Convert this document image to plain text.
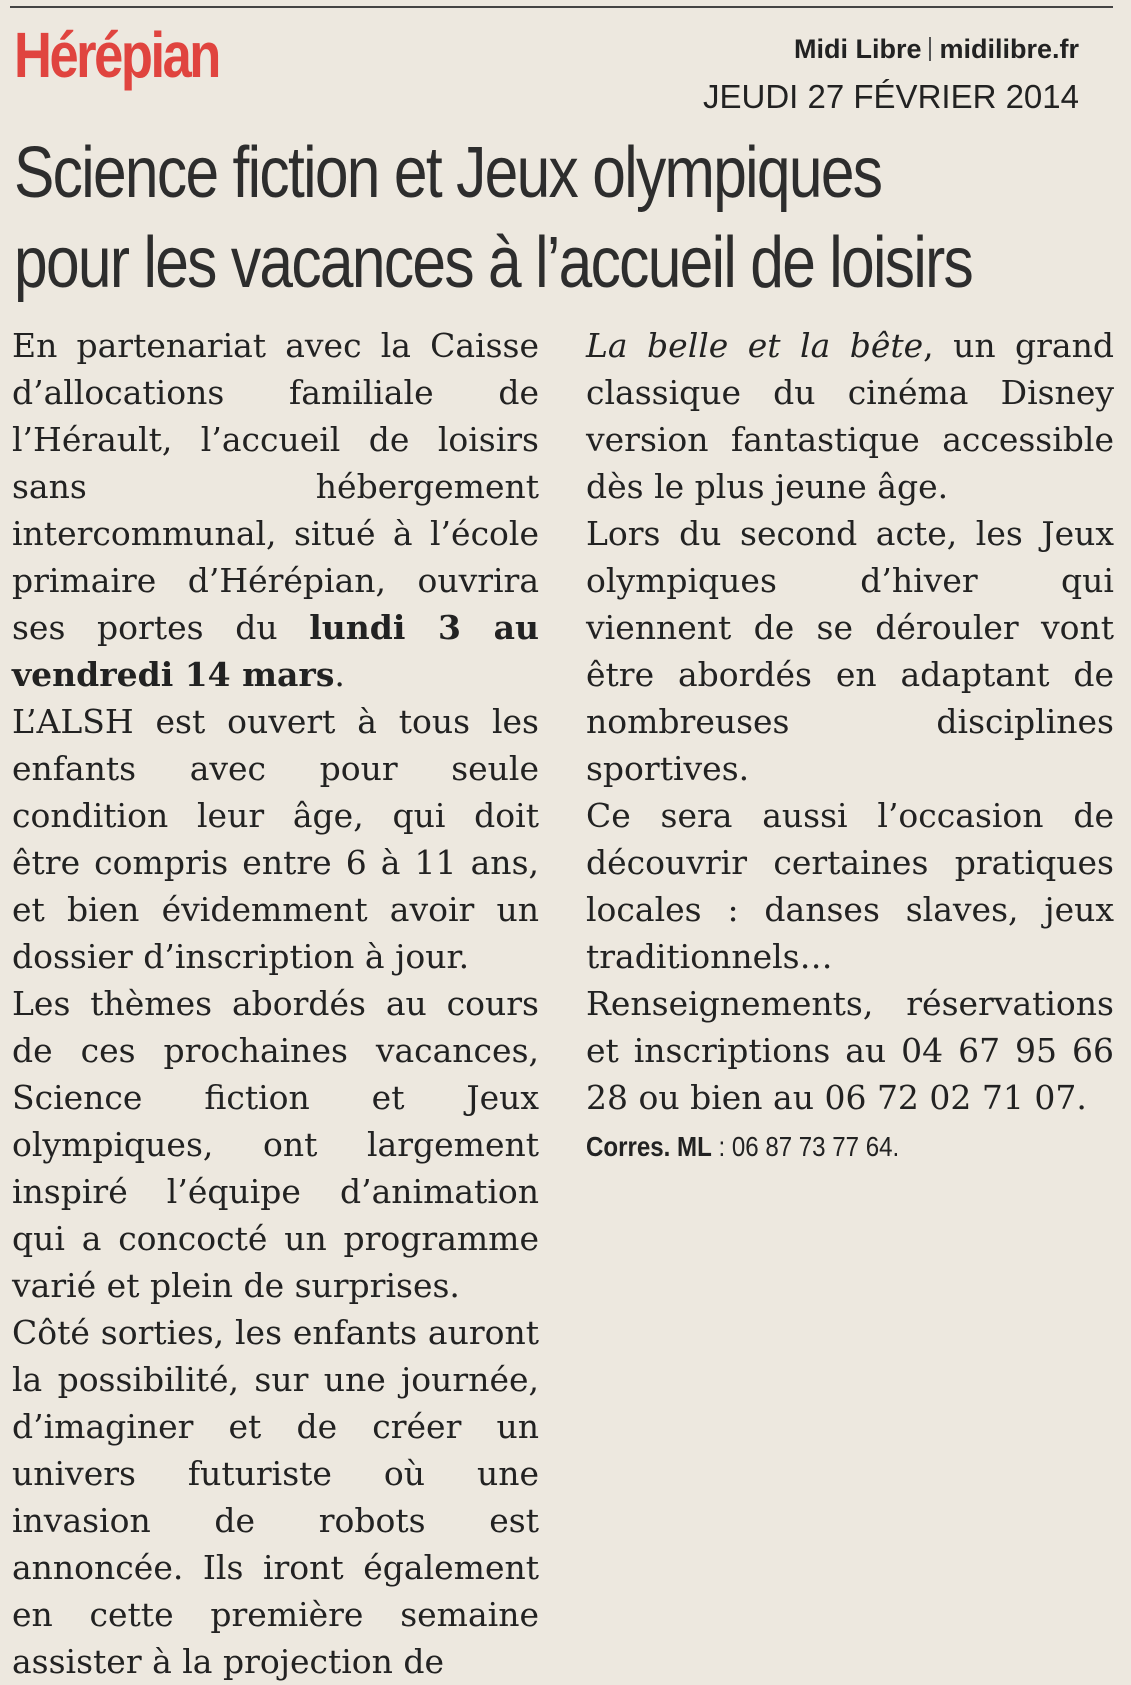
Hérépian	Midi Libre midilibre.fr
JEUDI 27 FÉVRIER 2014
Science fiction et Jeux olympiques
pour les vacances à l’accueil de loisirs

En partenariat avec la Caisse d’allocations familiale de l’Hérault, l’accueil de loisirs sans hébergement intercommunal, situé à l’école primaire d’Hérépian, ouvrira ses portes du lundi 3 au vendredi 14 mars.

L’ALSH est ouvert à tous les enfants avec pour seule condition leur âge, qui doit être compris entre 6 à 11 ans, et bien évidemment avoir un dossier d’inscription à jour.

Les thèmes abordés au cours de ces prochaines vacances, Science fiction et Jeux olympiques, ont largement inspiré l’équipe d’animation qui a concocté un programme varié et plein de surprises.

Côté sorties, les enfants auront la possibilité, sur une journée, d’imaginer et de créer un univers futuriste où une invasion de robots est annoncée. Ils iront également en cette première semaine assister à la projection de

La belle et la bête, un grand classique du cinéma Disney version fantastique accessible dès le plus jeune âge.

Lors du second acte, les Jeux olympiques d’hiver qui viennent de se dérouler vont être abordés en adaptant de nombreuses disciplines sportives.

Ce sera aussi l’occasion de découvrir certaines pratiques locales : danses slaves, jeux traditionnels…

Renseignements, réservations et inscriptions au 04 67 95 66 28 ou bien au 06 72 02 71 07.

Corres. ML : 06 87 73 77 64.
